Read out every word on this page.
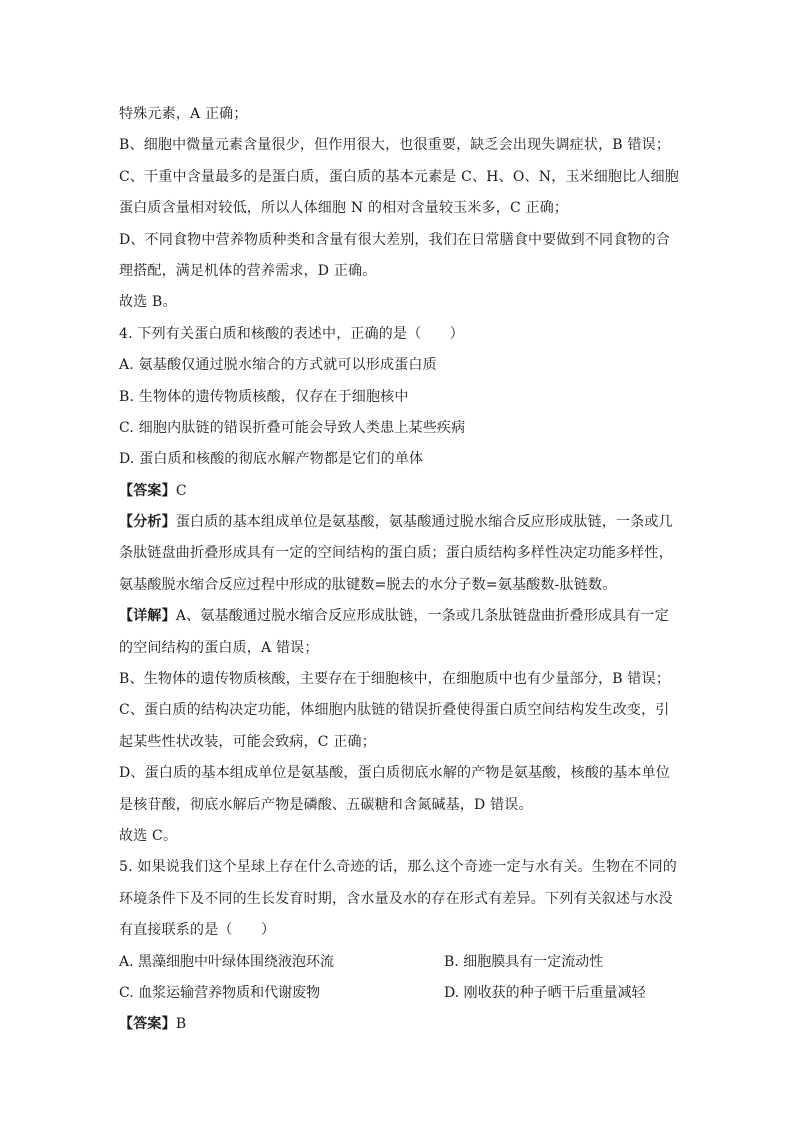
特殊元素，A 正确；
B、细胞中微量元素含量很少，但作用很大，也很重要，缺乏会出现失调症状，B 错误；
C、干重中含量最多的是蛋白质，蛋白质的基本元素是 C、H、O、N，玉米细胞比人细胞
蛋白质含量相对较低，所以人体细胞 N 的相对含量较玉米多，C 正确；
D、不同食物中营养物质种类和含量有很大差别，我们在日常膳食中要做到不同食物的合
理搭配，满足机体的营养需求，D 正确。
故选 B。
4. 下列有关蛋白质和核酸的表述中，正确的是（　　）
A. 氨基酸仅通过脱水缩合的方式就可以形成蛋白质
B. 生物体的遗传物质核酸，仅存在于细胞核中
C. 细胞内肽链的错误折叠可能会导致人类患上某些疾病
D. 蛋白质和核酸的彻底水解产物都是它们的单体
【答案】C
【分析】蛋白质的基本组成单位是氨基酸，氨基酸通过脱水缩合反应形成肽链，一条或几
条肽链盘曲折叠形成具有一定的空间结构的蛋白质；蛋白质结构多样性决定功能多样性，
氨基酸脱水缩合反应过程中形成的肽键数=脱去的水分子数=氨基酸数-肽链数。
【详解】A、氨基酸通过脱水缩合反应形成肽链，一条或几条肽链盘曲折叠形成具有一定
的空间结构的蛋白质，A 错误；
B、生物体的遗传物质核酸，主要存在于细胞核中，在细胞质中也有少量部分，B 错误；
C、蛋白质的结构决定功能，体细胞内肽链的错误折叠使得蛋白质空间结构发生改变，引
起某些性状改装，可能会致病，C 正确；
D、蛋白质的基本组成单位是氨基酸，蛋白质彻底水解的产物是氨基酸，核酸的基本单位
是核苷酸，彻底水解后产物是磷酸、五碳糖和含氮碱基，D 错误。
故选 C。
5. 如果说我们这个星球上存在什么奇迹的话，那么这个奇迹一定与水有关。生物在不同的
环境条件下及不同的生长发育时期，含水量及水的存在形式有差异。下列有关叙述与水没
有直接联系的是（　　）
A. 黑藻细胞中叶绿体围绕液泡环流	B. 细胞膜具有一定流动性
C. 血浆运输营养物质和代谢废物	D. 刚收获的种子晒干后重量减轻
【答案】B
